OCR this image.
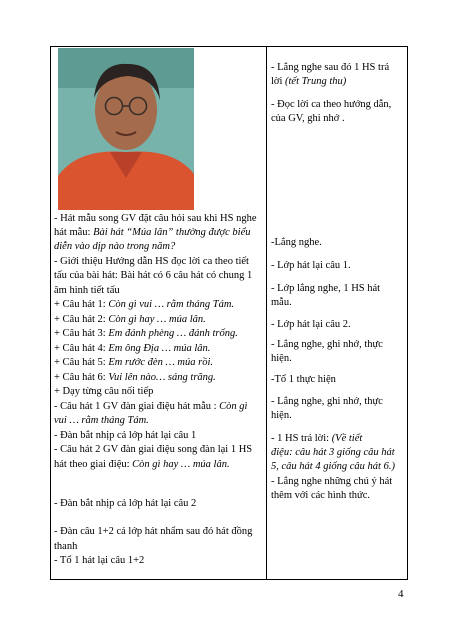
- Hát mẫu song GV đặt câu hỏi sau khi HS nghe
hát mẫu: Bài hát “Múa lân” thường được biểu
diễn vào dịp nào trong năm?
- Giới thiệu Hướng dẫn HS đọc lời ca theo tiết
tấu của bài hát: Bài hát có 6 câu hát có chung 1
âm hình tiết tấu
+ Câu hát 1: Còn gì vui … rằm tháng Tám.
+ Câu hát 2: Còn gì hay … múa lân.
+ Câu hát 3: Em đánh phèng … đánh trống.
+ Câu hát 4: Em ông Địa … múa lân.
+ Câu hát 5: Em rước đèn … múa rồi.
+ Câu hát 6: Vui lên nào… sáng trăng.
+ Dạy từng câu nối tiếp
- Câu hát 1 GV đàn giai điệu hát mẫu : Còn gì
vui … rằm tháng Tám.
- Đàn bắt nhịp cả lớp hát lại câu 1
- Câu hát 2 GV đàn giai điệu song đàn lại 1 HS
hát theo giai điệu: Còn gì hay … múa lân.
- Đàn bắt nhịp cả lớp hát lại câu 2
- Đàn câu 1+2 cả lớp hát nhẩm sau đó hát đồng
thanh
- Tổ 1 hát lại câu 1+2
- Lắng nghe sau đó 1 HS trả
lời (tết Trung thu)
- Đọc lời ca theo hướng dẫn,
của GV, ghi nhớ .
-Lắng nghe.
- Lớp hát lại câu 1.
- Lớp lắng nghe, 1 HS hát
mẫu.
- Lớp hát lại câu 2.
- Lắng nghe, ghi nhớ, thực
hiện.
-Tổ 1 thực hiện
- Lắng nghe, ghi nhớ, thực
hiện.
- 1 HS trả lời: (Về tiết
điệu: câu hát 3 giống câu hát
5, câu hát 4 giống câu hát 6.)
- Lắng nghe những chú ý hát
thêm với các hình thức.
4
